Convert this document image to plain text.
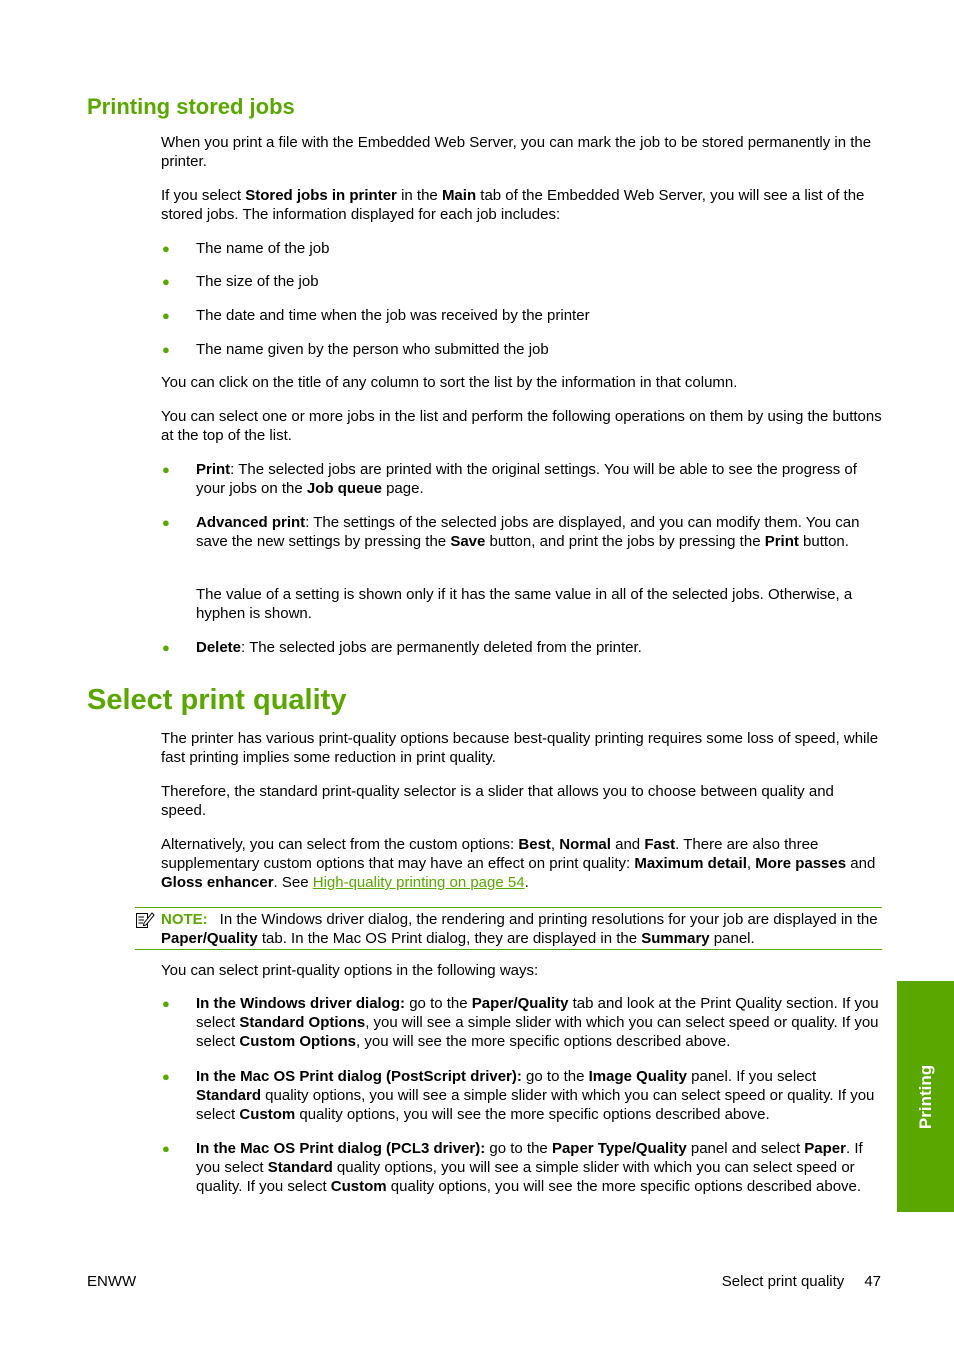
Printing stored jobs

When you print a file with the Embedded Web Server, you can mark the job to be stored permanently in the printer.

If you select Stored jobs in printer in the Main tab of the Embedded Web Server, you will see a list of the stored jobs. The information displayed for each job includes:

● The name of the job
● The size of the job
● The date and time when the job was received by the printer
● The name given by the person who submitted the job

You can click on the title of any column to sort the list by the information in that column.

You can select one or more jobs in the list and perform the following operations on them by using the buttons at the top of the list.

● Print: The selected jobs are printed with the original settings. You will be able to see the progress of your jobs on the Job queue page.
● Advanced print: The settings of the selected jobs are displayed, and you can modify them. You can save the new settings by pressing the Save button, and print the jobs by pressing the Print button.

The value of a setting is shown only if it has the same value in all of the selected jobs. Otherwise, a hyphen is shown.

● Delete: The selected jobs are permanently deleted from the printer.
Select print quality

The printer has various print-quality options because best-quality printing requires some loss of speed, while fast printing implies some reduction in print quality.

Therefore, the standard print-quality selector is a slider that allows you to choose between quality and speed.

Alternatively, you can select from the custom options: Best, Normal and Fast. There are also three supplementary custom options that may have an effect on print quality: Maximum detail, More passes and Gloss enhancer. See High-quality printing on page 54.

NOTE: In the Windows driver dialog, the rendering and printing resolutions for your job are displayed in the Paper/Quality tab. In the Mac OS Print dialog, they are displayed in the Summary panel.

You can select print-quality options in the following ways:

● In the Windows driver dialog: go to the Paper/Quality tab and look at the Print Quality section. If you select Standard Options, you will see a simple slider with which you can select speed or quality. If you select Custom Options, you will see the more specific options described above.
● In the Mac OS Print dialog (PostScript driver): go to the Image Quality panel. If you select Standard quality options, you will see a simple slider with which you can select speed or quality. If you select Custom quality options, you will see the more specific options described above.
● In the Mac OS Print dialog (PCL3 driver): go to the Paper Type/Quality panel and select Paper. If you select Standard quality options, you will see a simple slider with which you can select speed or quality. If you select Custom quality options, you will see the more specific options described above.
Printing
ENWW	Select print quality 47
